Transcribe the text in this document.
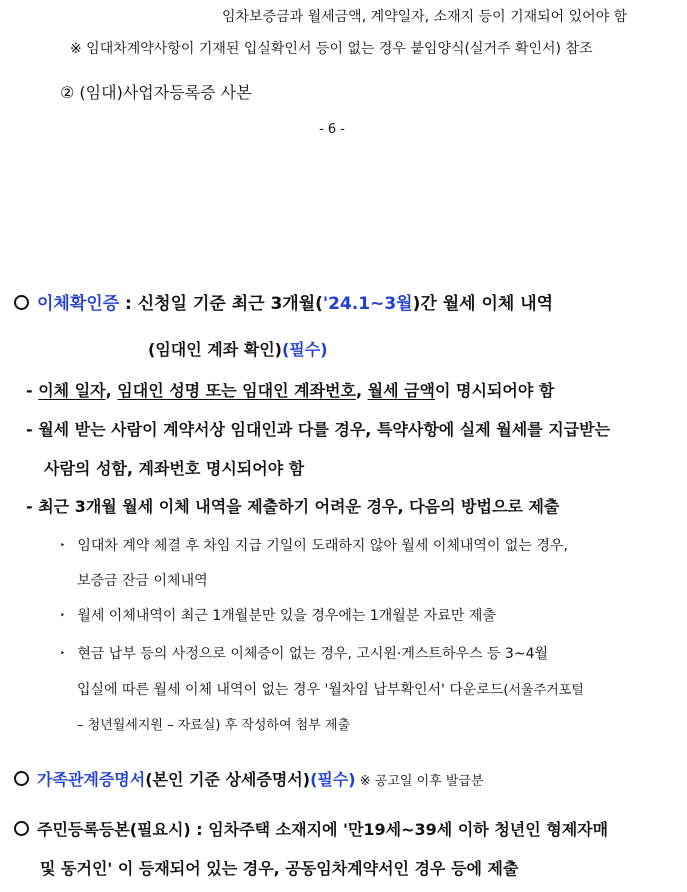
임차보증금과 월세금액, 계약일자, 소재지 등이 기재되어 있어야 함
※ 임대차계약사항이 기재된 입실확인서 등이 없는 경우 붙임양식(실거주 확인서) 참조
② (임대)사업자등록증 사본
- 6 -
이체확인증 : 신청일 기준 최근 3개월('24.1~3월)간 월세 이체 내역
(임대인 계좌 확인)(필수)
- 이체 일자, 임대인 성명 또는 임대인 계좌번호, 월세 금액이 명시되어야 함
- 월세 받는 사람이 계약서상 임대인과 다를 경우, 특약사항에 실제 월세를 지급받는
사람의 성함, 계좌번호 명시되어야 함
- 최근 3개월 월세 이체 내역을 제출하기 어려운 경우, 다음의 방법으로 제출
‣ 임대차 계약 체결 후 차임 지급 기일이 도래하지 않아 월세 이체내역이 없는 경우,
보증금 잔금 이체내역
‣ 월세 이체내역이 최근 1개월분만 있을 경우에는 1개월분 자료만 제출
‣ 현금 납부 등의 사정으로 이체증이 없는 경우, 고시원·게스트하우스 등 3~4월
입실에 따른 월세 이체 내역이 없는 경우 '월차임 납부확인서' 다운로드(서울주거포털
– 청년월세지원 – 자료실) 후 작성하여 첨부 제출
가족관계증명서(본인 기준 상세증명서)(필수) ※ 공고일 이후 발급분
주민등록등본(필요시) : 임차주택 소재지에 '만19세~39세 이하 청년인 형제자매
및 동거인' 이 등재되어 있는 경우, 공동임차계약서인 경우 등에 제출
